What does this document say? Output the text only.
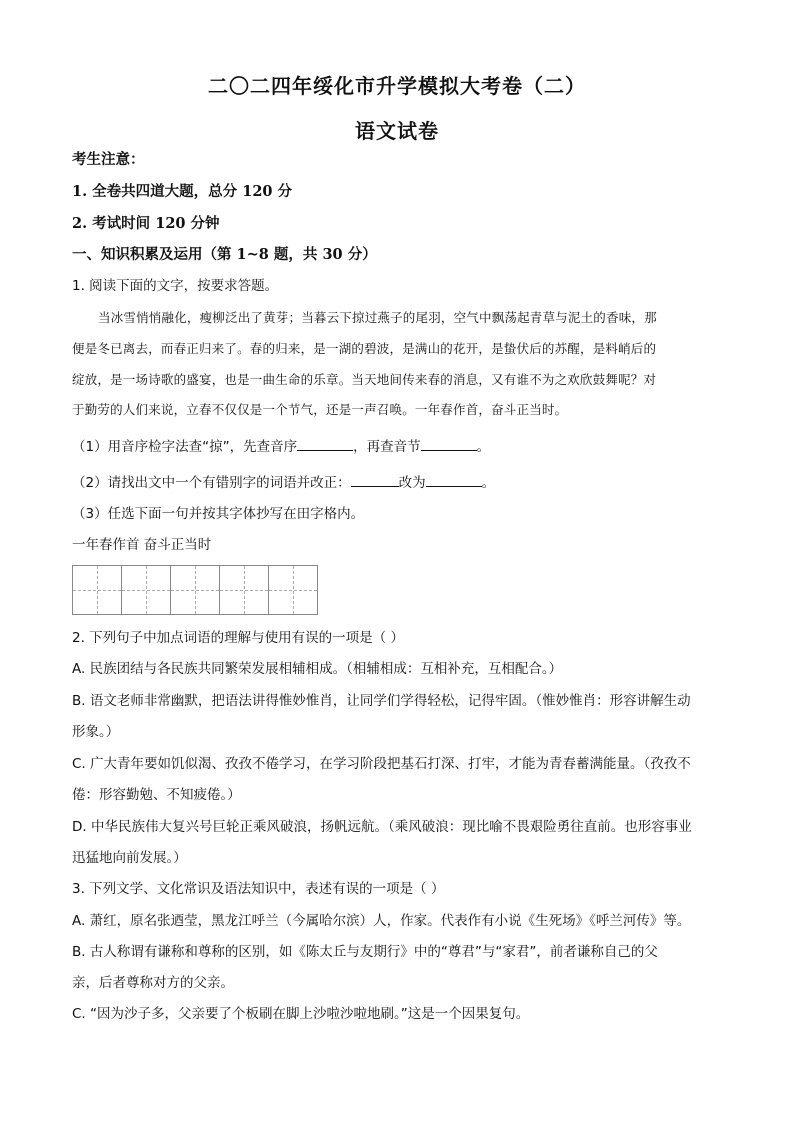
二〇二四年绥化市升学模拟大考卷（二）
语文试卷
考生注意：
1. 全卷共四道大题，总分 120 分
2. 考试时间 120 分钟
一、知识积累及运用（第 1~8 题，共 30 分）
1. 阅读下面的文字，按要求答题。
当冰雪悄悄融化，瘦柳泛出了黄芽；当暮云下掠过燕子的尾羽，空气中飘荡起青草与泥土的香味，那
便是冬已离去，而春正归来了。春的归来，是一湖的碧波，是满山的花开，是蛰伏后的苏醒，是料峭后的
绽放，是一场诗歌的盛宴，也是一曲生命的乐章。当天地间传来春的消息，又有谁不为之欢欣鼓舞呢？对
于勤劳的人们来说，立春不仅仅是一个节气，还是一声召唤。一年春作首，奋斗正当时。
（1）用音序检字法查“掠”，先查音序	，再查音节	。
（2）请找出文中一个有错别字的词语并改正：	改为	。
（3）任选下面一句并按其字体抄写在田字格内。
一年春作首 奋斗正当时
2. 下列句子中加点词语的理解与使用有误的一项是（ ）
A. 民族团结与各民族共同繁荣发展相辅相成。（相辅相成：互相补充，互相配合。）
B. 语文老师非常幽默，把语法讲得惟妙惟肖，让同学们学得轻松，记得牢固。（惟妙惟肖：形容讲解生动
形象。）
C. 广大青年要如饥似渴、孜孜不倦学习，在学习阶段把基石打深、打牢，才能为青春蓄满能量。（孜孜不
倦：形容勤勉、不知疲倦。）
D. 中华民族伟大复兴号巨轮正乘风破浪，扬帆远航。（乘风破浪：现比喻不畏艰险勇往直前。也形容事业
迅猛地向前发展。）
3. 下列文学、文化常识及语法知识中，表述有误的一项是（ ）
A. 萧红，原名张迺莹，黑龙江呼兰（今属哈尔滨）人，作家。代表作有小说《生死场》《呼兰河传》等。
B. 古人称谓有谦称和尊称的区别，如《陈太丘与友期行》中的“尊君”与“家君”，前者谦称自己的父
亲，后者尊称对方的父亲。
C. “因为沙子多，父亲要了个板刷在脚上沙啦沙啦地刷。”这是一个因果复句。
